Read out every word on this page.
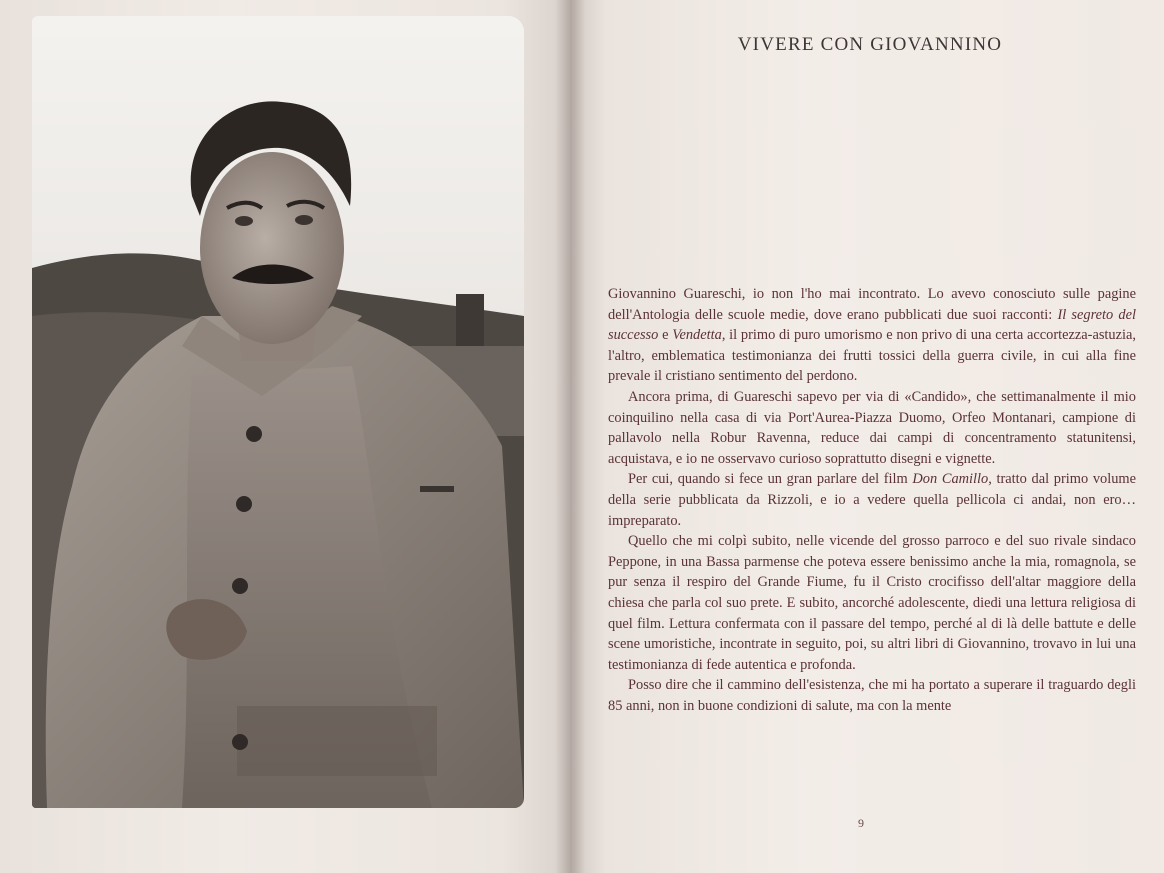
VIVERE CON GIOVANNINO

Giovannino Guareschi, io non l'ho mai incontrato. Lo avevo conosciuto sulle pagine dell'Antologia delle scuole medie, dove erano pubblicati due suoi racconti: Il segreto del successo e Vendetta, il primo di puro umorismo e non privo di una certa accortezza-astuzia, l'altro, emblematica testimonianza dei frutti tossici della guerra civile, in cui alla fine prevale il cristiano sentimento del perdono.

Ancora prima, di Guareschi sapevo per via di «Candido», che settimanalmente il mio coinquilino nella casa di via Port'Aurea-Piazza Duomo, Orfeo Montanari, campione di pallavolo nella Robur Ravenna, reduce dai campi di concentramento statunitensi, acquistava, e io ne osservavo curioso soprattutto disegni e vignette.

Per cui, quando si fece un gran parlare del film Don Camillo, tratto dal primo volume della serie pubblicata da Rizzoli, e io a vedere quella pellicola ci andai, non ero… impreparato.

Quello che mi colpì subito, nelle vicende del grosso parroco e del suo rivale sindaco Peppone, in una Bassa parmense che poteva essere benissimo anche la mia, romagnola, se pur senza il respiro del Grande Fiume, fu il Cristo crocifisso dell'altar maggiore della chiesa che parla col suo prete. E subito, ancorché adolescente, diedi una lettura religiosa di quel film. Lettura confermata con il passare del tempo, perché al di là delle battute e delle scene umoristiche, incontrate in seguito, poi, su altri libri di Giovannino, trovavo in lui una testimonianza di fede autentica e profonda.

Posso dire che il cammino dell'esistenza, che mi ha portato a superare il traguardo degli 85 anni, non in buone condizioni di salute, ma con la mente

9
